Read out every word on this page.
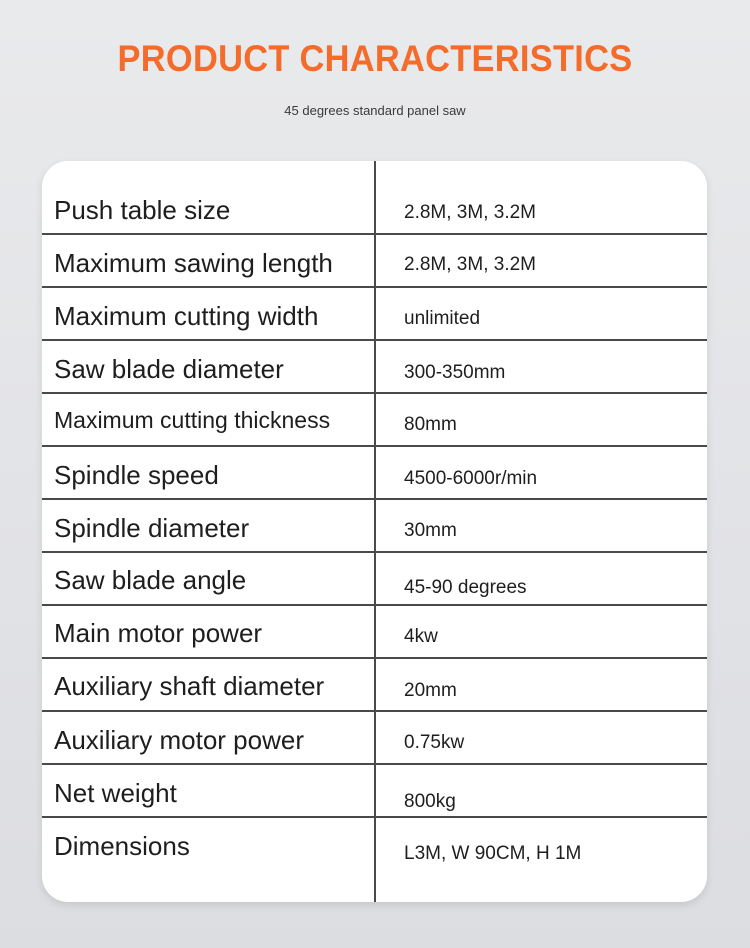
PRODUCT CHARACTERISTICS
45 degrees standard panel saw
Push table size	2.8M, 3M, 3.2M
Maximum sawing length	2.8M, 3M, 3.2M
Maximum cutting width	unlimited
Saw blade diameter	300-350mm
Maximum cutting thickness	80mm
Spindle speed	4500-6000r/min
Spindle diameter	30mm
Saw blade angle	45-90 degrees
Main motor power	4kw
Auxiliary shaft diameter	20mm
Auxiliary motor power	0.75kw
Net weight	800kg
Dimensions	L3M, W 90CM, H 1M
